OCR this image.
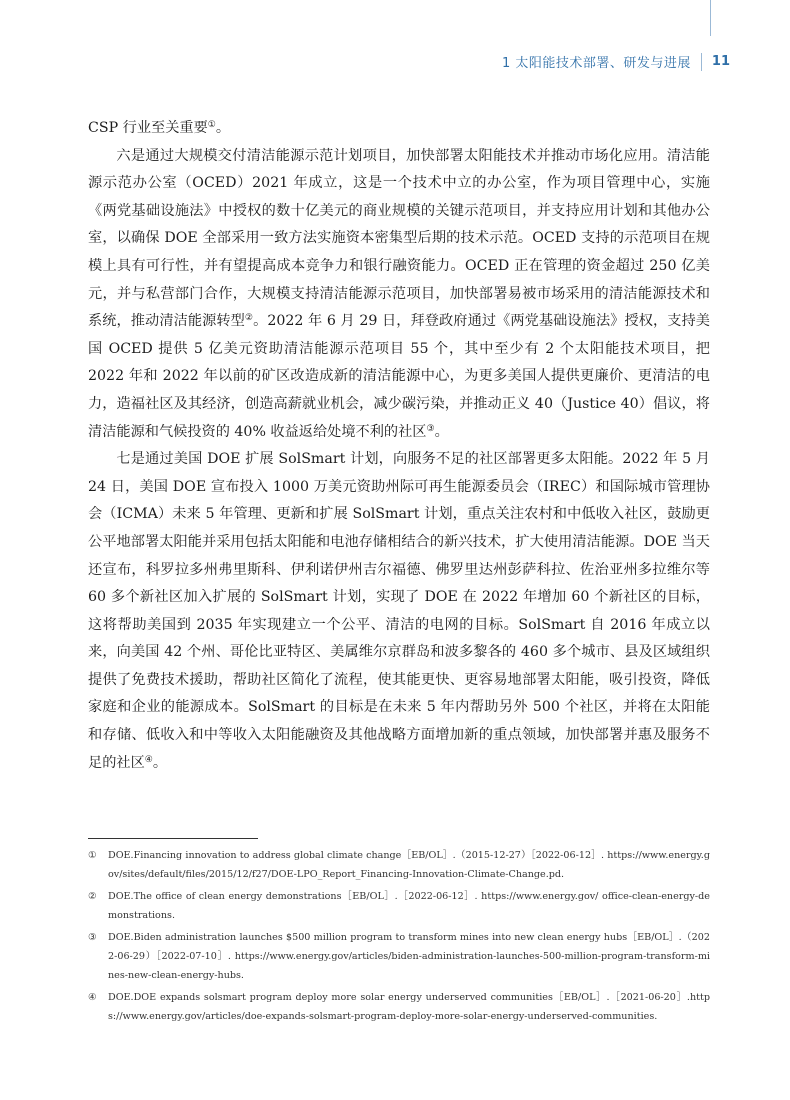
1 太阳能技术部署、研发与进展	11

CSP 行业至关重要①。

六是通过大规模交付清洁能源示范计划项目，加快部署太阳能技术并推动市场化应用。清洁能源示范办公室（OCED）2021 年成立，这是一个技术中立的办公室，作为项目管理中心，实施《两党基础设施法》中授权的数十亿美元的商业规模的关键示范项目，并支持应用计划和其他办公室，以确保 DOE 全部采用一致方法实施资本密集型后期的技术示范。OCED 支持的示范项目在规模上具有可行性，并有望提高成本竞争力和银行融资能力。OCED 正在管理的资金超过 250 亿美元，并与私营部门合作，大规模支持清洁能源示范项目，加快部署易被市场采用的清洁能源技术和系统，推动清洁能源转型②。2022 年 6 月 29 日，拜登政府通过《两党基础设施法》授权，支持美国 OCED 提供 5 亿美元资助清洁能源示范项目 55 个，其中至少有 2 个太阳能技术项目，把 2022 年和 2022 年以前的矿区改造成新的清洁能源中心，为更多美国人提供更廉价、更清洁的电力，造福社区及其经济，创造高薪就业机会，减少碳污染，并推动正义 40（Justice 40）倡议，将清洁能源和气候投资的 40% 收益返给处境不利的社区③。

七是通过美国 DOE 扩展 SolSmart 计划，向服务不足的社区部署更多太阳能。2022 年 5 月 24 日，美国 DOE 宣布投入 1000 万美元资助州际可再生能源委员会（IREC）和国际城市管理协会（ICMA）未来 5 年管理、更新和扩展 SolSmart 计划，重点关注农村和中低收入社区，鼓励更公平地部署太阳能并采用包括太阳能和电池存储相结合的新兴技术，扩大使用清洁能源。DOE 当天还宣布，科罗拉多州弗里斯科、伊利诺伊州吉尔福德、佛罗里达州彭萨科拉、佐治亚州多拉维尔等 60 多个新社区加入扩展的 SolSmart 计划，实现了 DOE 在 2022 年增加 60 个新社区的目标，这将帮助美国到 2035 年实现建立一个公平、清洁的电网的目标。SolSmart 自 2016 年成立以来，向美国 42 个州、哥伦比亚特区、美属维尔京群岛和波多黎各的 460 多个城市、县及区域组织提供了免费技术援助，帮助社区简化了流程，使其能更快、更容易地部署太阳能，吸引投资，降低家庭和企业的能源成本。SolSmart 的目标是在未来 5 年内帮助另外 500 个社区，并将在太阳能和存储、低收入和中等收入太阳能融资及其他战略方面增加新的重点领域，加快部署并惠及服务不足的社区④。

①	DOE.Financing innovation to address global climate change［EB/OL］.（2015-12-27）［2022-06-12］. https://www.energy.gov/sites/default/files/2015/12/f27/DOE-LPO_Report_Financing-Innovation-Climate-Change.pd.
②	DOE.The office of clean energy demonstrations［EB/OL］.［2022-06-12］. https://www.energy.gov/ office-clean-energy-demonstrations.
③	DOE.Biden administration launches $500 million program to transform mines into new clean energy hubs［EB/OL］.（2022-06-29）［2022-07-10］. https://www.energy.gov/articles/biden-administration-launches-500-million-program-transform-mines-new-clean-energy-hubs.
④	DOE.DOE expands solsmart program deploy more solar energy underserved communities［EB/OL］.［2021-06-20］.https://www.energy.gov/articles/doe-expands-solsmart-program-deploy-more-solar-energy-underserved-communities.
